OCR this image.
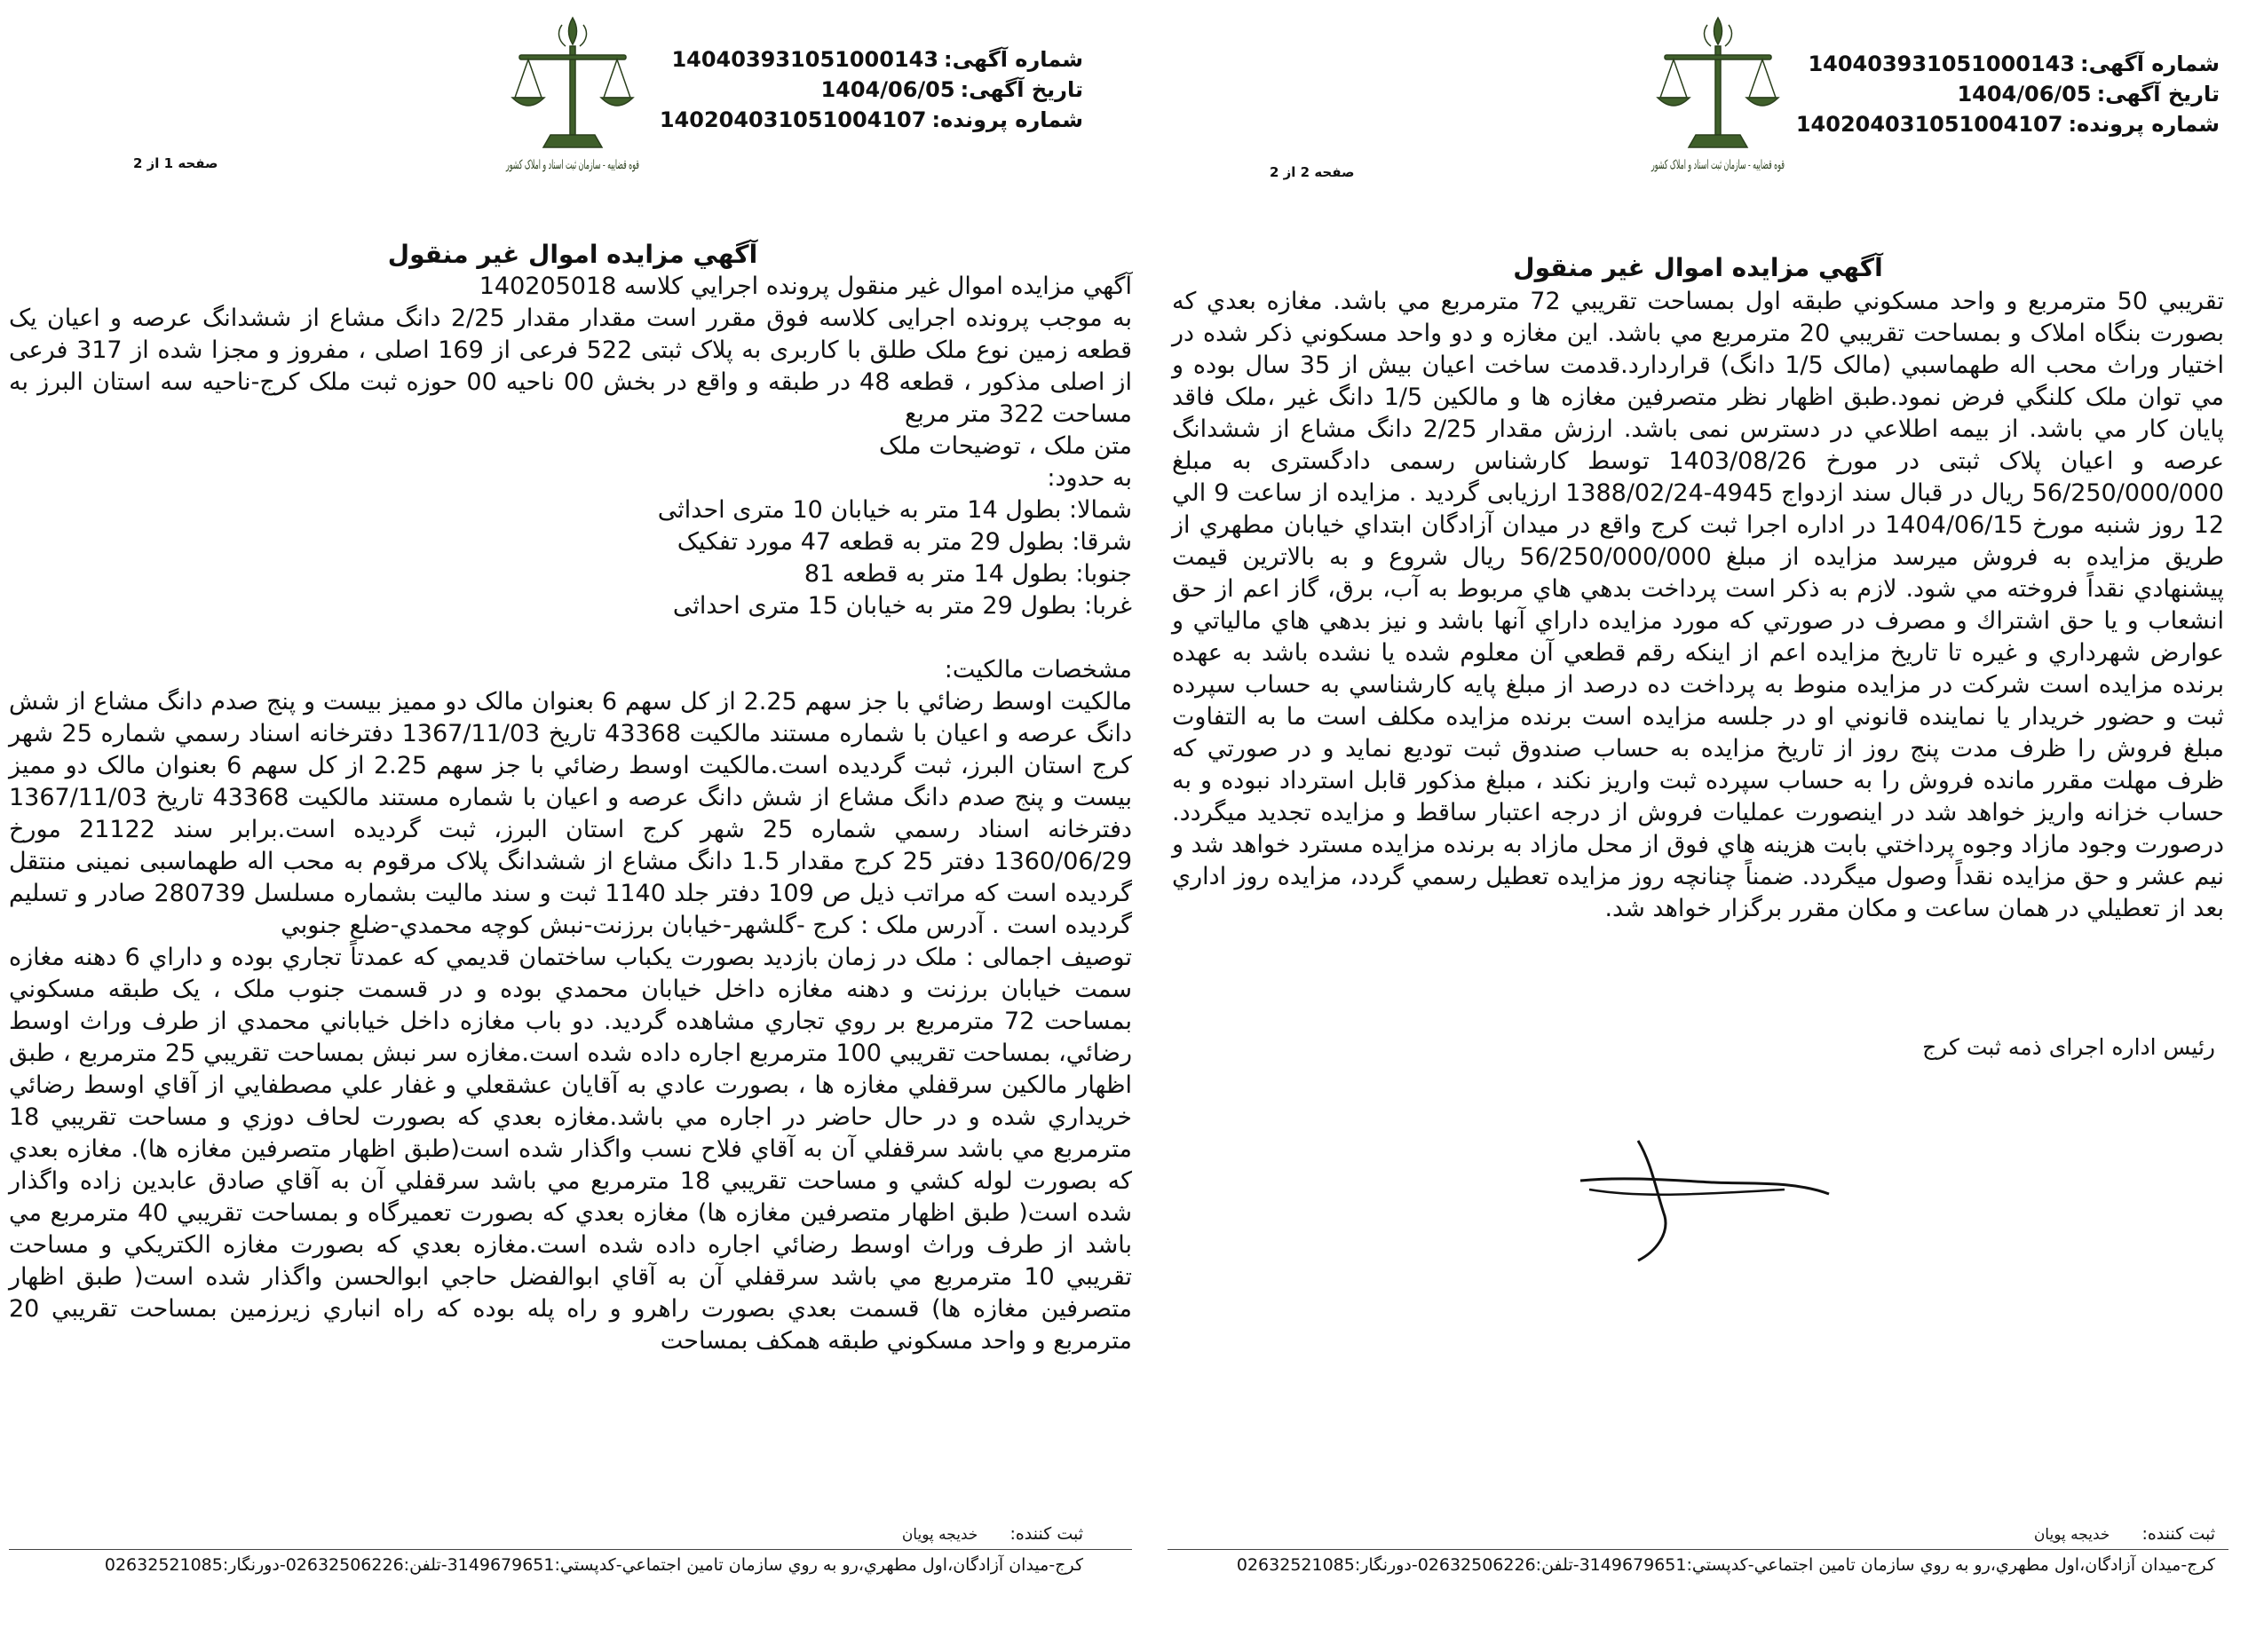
شماره آگهی:140403931051000143
تاریخ آگهی:1404/06/05
شماره پرونده:140204031051004107
قوه قضاییه - سازمان ثبت اسناد و املاک کشور
صفحه 2 از 2
آگهي مزايده اموال غير منقول

تقريبي 50 مترمربع و واحد مسكوني طبقه اول بمساحت تقريبي 72 مترمربع مي باشد. مغازه بعدي كه بصورت بنگاه املاک و بمساحت تقريبي 20 مترمربع مي باشد. اين مغازه و دو واحد مسکوني ذکر شده در اختيار وراث محب اله طهماسبي (مالک 1/5 دانگ) قراردارد.قدمت ساخت اعيان بيش از 35 سال بوده و مي توان ملک کلنگي فرض نمود.طبق اظهار نظر متصرفين مغازه ها و مالکين 1/5 دانگ غير ،ملک فاقد پايان کار مي باشد. از بيمه اطلاعي در دسترس نمی باشد. ارزش مقدار 2/25 دانگ مشاع از ششدانگ عرصه و اعيان پلاک ثبتی در مورخ 1403/08/26 توسط کارشناس رسمی دادگستری به مبلغ 56/250/000/000 ريال در قبال سند ازدواج 4945-1388/02/24 ارزيابی گرديد . مزايده از ساعت 9 الي 12 روز شنبه مورخ 1404/06/15 در اداره اجرا ثبت کرج واقع در ميدان آزادگان ابتداي خيابان مطهري از طريق مزايده به فروش ميرسد مزايده از مبلغ 56/250/000/000 ريال شروع و به بالاترين قيمت پيشنهادي نقداً فروخته مي شود. لازم به ذكر است پرداخت بدهي هاي مربوط به آب، برق، گاز اعم از حق انشعاب و يا حق اشتراك و مصرف در صورتي كه مورد مزايده داراي آنها باشد و نيز بدهي هاي مالياتي و عوارض شهرداري و غيره تا تاريخ مزايده اعم از اينكه رقم قطعي آن معلوم شده يا نشده باشد به عهده برنده مزايده است شركت در مزايده منوط به پرداخت ده درصد از مبلغ پايه كارشناسي به حساب سپرده ثبت و حضور خريدار يا نماينده قانوني او در جلسه مزايده است برنده مزايده مكلف است ما به التفاوت مبلغ فروش را ظرف مدت پنج روز از تاريخ مزايده به حساب صندوق ثبت توديع نمايد و در صورتي كه ظرف مهلت مقرر مانده فروش را به حساب سپرده ثبت واريز نكند ، مبلغ مذكور قابل استرداد نبوده و به حساب خزانه واريز خواهد شد در اينصورت عمليات فروش از درجه اعتبار ساقط و مزايده تجديد ميگردد. درصورت وجود مازاد وجوه پرداختي بابت هزينه هاي فوق از محل مازاد به برنده مزايده مسترد خواهد شد و نيم عشر و حق مزايده نقداً وصول ميگردد. ضمناً چنانچه روز مزايده تعطيل رسمي گردد، مزايده روز اداري بعد از تعطيلي در همان ساعت و مكان مقرر برگزار خواهد شد.

رئیس اداره اجرای ذمه ثبت کرج
ثبت كننده: خدیجه پویان
كرج-ميدان آزادگان،اول مطهري،رو به روي سازمان تامين اجتماعي-كدپستي:3149679651-تلفن:02632506226-دورنگار:02632521085
شماره آگهی:140403931051000143
تاریخ آگهی:1404/06/05
شماره پرونده:140204031051004107
قوه قضاییه - سازمان ثبت اسناد و املاک کشور
صفحه 1 از 2
آگهي مزايده اموال غير منقول

آگهي مزايده اموال غير منقول پرونده اجرايي كلاسه 140205018

به موجب پرونده اجرايی كلاسه فوق مقرر است مقدار مقدار 2/25 دانگ مشاع از ششدانگ عرصه و اعيان يک قطعه زمين نوع ملک طلق با كاربری به پلاک ثبتی 522 فرعی از 169 اصلی ، مفروز و مجزا شده از 317 فرعی از اصلی مذكور ، قطعه 48 در طبقه و واقع در بخش 00 ناحيه 00 حوزه ثبت ملک كرج-ناحيه سه استان البرز به مساحت 322 متر مربع

متن ملک ، توضيحات ملک

به حدود:

شمالا: بطول 14 متر به خيابان 10 متری احداثی

شرقا: بطول 29 متر به قطعه 47 مورد تفکيک

جنوبا: بطول 14 متر به قطعه 81

غربا: بطول 29 متر به خيابان 15 متری احداثی

مشخصات مالکيت:

مالکيت اوسط رضائي با جز سهم 2.25 از کل سهم 6 بعنوان مالک دو مميز بيست و پنج صدم دانگ مشاع از شش دانگ عرصه و اعيان با شماره مستند مالکيت 43368 تاريخ 1367/11/03 دفترخانه اسناد رسمي شماره 25 شهر کرج استان البرز، ثبت گرديده است.مالکيت اوسط رضائي با جز سهم 2.25 از کل سهم 6 بعنوان مالک دو مميز بيست و پنج صدم دانگ مشاع از شش دانگ عرصه و اعيان با شماره مستند مالکيت 43368 تاريخ 1367/11/03 دفترخانه اسناد رسمي شماره 25 شهر کرج استان البرز، ثبت گرديده است.برابر سند 21122 مورخ 1360/06/29 دفتر 25 کرج مقدار 1.5 دانگ مشاع از ششدانگ پلاک مرقوم به محب اله طهماسبی نمینی منتقل گرديده است که مراتب ذیل ص 109 دفتر جلد 1140 ثبت و سند مالیت بشماره مسلسل 280739 صادر و تسلیم گردیده است . آدرس ملک : کرج -گلشهر-خیابان برزنت-نبش کوچه محمدي-ضلع جنوبي

توصيف اجمالی : ملک در زمان بازديد بصورت يکباب ساختمان قديمي که عمدتاً تجاري بوده و داراي 6 دهنه مغازه سمت خيابان برزنت و دهنه مغازه داخل خيابان محمدي بوده و در قسمت جنوب ملک ، يک طبقه مسکوني بمساحت 72 مترمربع بر روي تجاري مشاهده گرديد. دو باب مغازه داخل خياباني محمدي از طرف وراث اوسط رضائي، بمساحت تقريبي 100 مترمربع اجاره داده شده است.مغازه سر نبش بمساحت تقريبي 25 مترمربع ، طبق اظهار مالکين سرقفلي مغازه ها ، بصورت عادي به آقايان عشقعلي و غفار علي مصطفايي از آقاي اوسط رضائي خريداري شده و در حال حاضر در اجاره مي باشد.مغازه بعدي که بصورت لحاف دوزي و مساحت تقريبي 18 مترمربع مي باشد سرقفلي آن به آقاي فلاح نسب واگذار شده است(طبق اظهار متصرفين مغازه ها). مغازه بعدي که بصورت لوله کشي و مساحت تقريبي 18 مترمربع مي باشد سرقفلي آن به آقاي صادق عابدين زاده واگذار شده است( طبق اظهار متصرفين مغازه ها) مغازه بعدي که بصورت تعميرگاه و بمساحت تقريبي 40 مترمربع مي باشد از طرف وراث اوسط رضائي اجاره داده شده است.مغازه بعدي که بصورت مغازه الکتريکي و مساحت تقريبي 10 مترمربع مي باشد سرقفلي آن به آقاي ابوالفضل حاجي ابوالحسن واگذار شده است( طبق اظهار متصرفين مغازه ها) قسمت بعدي بصورت راهرو و راه پله بوده که راه انباري زيرزمين بمساحت تقريبي 20 مترمربع و واحد مسکوني طبقه همکف بمساحت

ثبت كننده: خدیجه پویان
كرج-ميدان آزادگان،اول مطهري،رو به روي سازمان تامين اجتماعي-كدپستي:3149679651-تلفن:02632506226-دورنگار:02632521085
